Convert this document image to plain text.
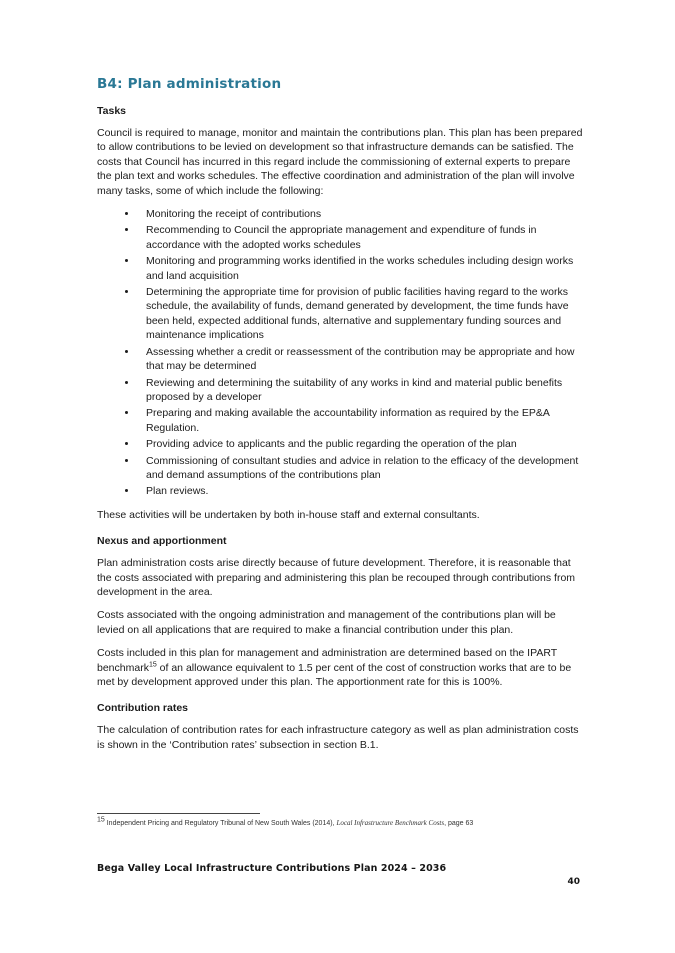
B4: Plan administration
Tasks

Council is required to manage, monitor and maintain the contributions plan. This plan has been prepared to allow contributions to be levied on development so that infrastructure demands can be satisfied. The costs that Council has incurred in this regard include the commissioning of external experts to prepare the plan text and works schedules. The effective coordination and administration of the plan will involve many tasks, some of which include the following:

• Monitoring the receipt of contributions
• Recommending to Council the appropriate management and expenditure of funds in accordance with the adopted works schedules
• Monitoring and programming works identified in the works schedules including design works and land acquisition
• Determining the appropriate time for provision of public facilities having regard to the works schedule, the availability of funds, demand generated by development, the time funds have been held, expected additional funds, alternative and supplementary funding sources and maintenance implications
• Assessing whether a credit or reassessment of the contribution may be appropriate and how that may be determined
• Reviewing and determining the suitability of any works in kind and material public benefits proposed by a developer
• Preparing and making available the accountability information as required by the EP&A Regulation.
• Providing advice to applicants and the public regarding the operation of the plan
• Commissioning of consultant studies and advice in relation to the efficacy of the development and demand assumptions of the contributions plan
• Plan reviews.

These activities will be undertaken by both in-house staff and external consultants.

Nexus and apportionment

Plan administration costs arise directly because of future development. Therefore, it is reasonable that the costs associated with preparing and administering this plan be recouped through contributions from development in the area.

Costs associated with the ongoing administration and management of the contributions plan will be levied on all applications that are required to make a financial contribution under this plan.

Costs included in this plan for management and administration are determined based on the IPART benchmark$^{15}$ of an allowance equivalent to 1.5 per cent of the cost of construction works that are to be met by development approved under this plan. The apportionment rate for this is 100%.

Contribution rates

The calculation of contribution rates for each infrastructure category as well as plan administration costs is shown in the ‘Contribution rates’ subsection in section B.1.

$^{15}$ Independent Pricing and Regulatory Tribunal of New South Wales (2014), Local Infrastructure Benchmark Costs, page 63

Bega Valley Local Infrastructure Contributions Plan 2024 – 2036
40
